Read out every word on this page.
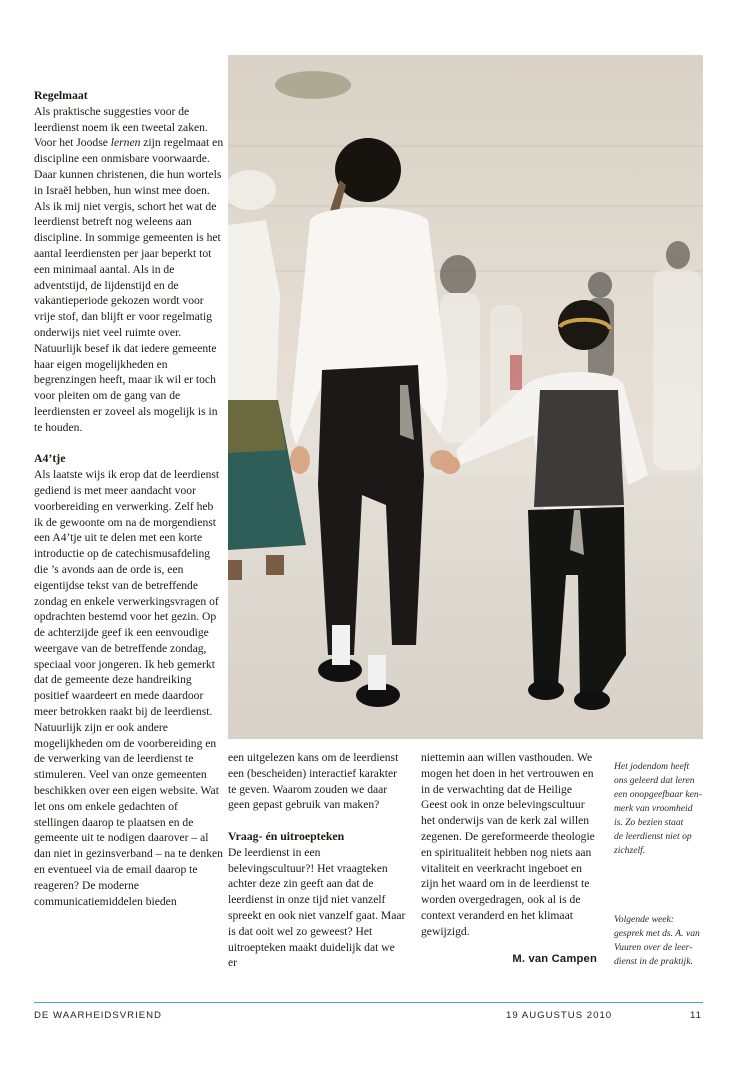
Regelmaat

Als praktische suggesties voor de leerdienst noem ik een tweetal zaken. Voor het Joodse lernen zijn regelmaat en discipline een onmisbare voorwaarde. Daar kunnen christenen, die hun wortels in Israël hebben, hun winst mee doen. Als ik mij niet vergis, schort het wat de leerdienst betreft nog weleens aan discipline. In sommige gemeenten is het aantal leerdiensten per jaar beperkt tot een minimaal aantal. Als in de adventstijd, de lijdenstijd en de vakantieperiode gekozen wordt voor vrije stof, dan blijft er voor regelmatig onderwijs niet veel ruimte over. Natuurlijk besef ik dat iedere gemeente haar eigen mogelijkheden en begrenzingen heeft, maar ik wil er toch voor pleiten om de gang van de leerdiensten er zoveel als mogelijk is in te houden.

A4’tje

Als laatste wijs ik erop dat de leerdienst gediend is met meer aandacht voor voorbereiding en verwerking. Zelf heb ik de gewoonte om na de morgendienst een A4’tje uit te delen met een korte introductie op de catechismusafdeling die ’s avonds aan de orde is, een eigentijdse tekst van de betreffende zondag en enkele verwerkingsvragen of opdrachten bestemd voor het gezin. Op de achterzijde geef ik een eenvoudige weergave van de betreffende zondag, speciaal voor jongeren. Ik heb gemerkt dat de gemeente deze handreiking positief waardeert en mede daardoor meer betrokken raakt bij de leerdienst. Natuurlijk zijn er ook andere mogelijkheden om de voorbereiding en de verwerking van de leerdienst te stimuleren. Veel van onze gemeenten beschikken over een eigen website. Wat let ons om enkele gedachten of stellingen daarop te plaatsen en de gemeente uit te nodigen daarover – al dan niet in gezinsverband – na te denken en eventueel via de email daarop te reageren? De moderne communicatiemiddelen bieden

een uitgelezen kans om de leerdienst een (bescheiden) interactief karakter te geven. Waarom zouden we daar geen gepast gebruik van maken?

Vraag- én uitroepteken

De leerdienst in een belevingscultuur?! Het vraagteken achter deze zin geeft aan dat de leerdienst in onze tijd niet vanzelf spreekt en ook niet vanzelf gaat. Maar is dat ooit wel zo geweest? Het uitroepteken maakt duidelijk dat we er

niettemin aan willen vasthouden. We mogen het doen in het vertrouwen en in de verwachting dat de Heilige Geest ook in onze belevingscultuur het onderwijs van de kerk zal willen zegenen. De gereformeerde theologie en spiritualiteit hebben nog niets aan vitaliteit en veerkracht ingeboet en zijn het waard om in de leerdienst te worden overgedragen, ook al is de context veranderd en het klimaat gewijzigd.

M. van Campen
Het jodendom heeft
ons geleerd dat leren
een onopgeefbaar ken-
merk van vroomheid
is. Zo bezien staat
de leerdienst niet op
zichzelf.
Volgende week:
gesprek met ds. A. van
Vuuren over de leer-
dienst in de praktijk.
DE WAARHEIDSVRIEND	19 AUGUSTUS 2010	11
